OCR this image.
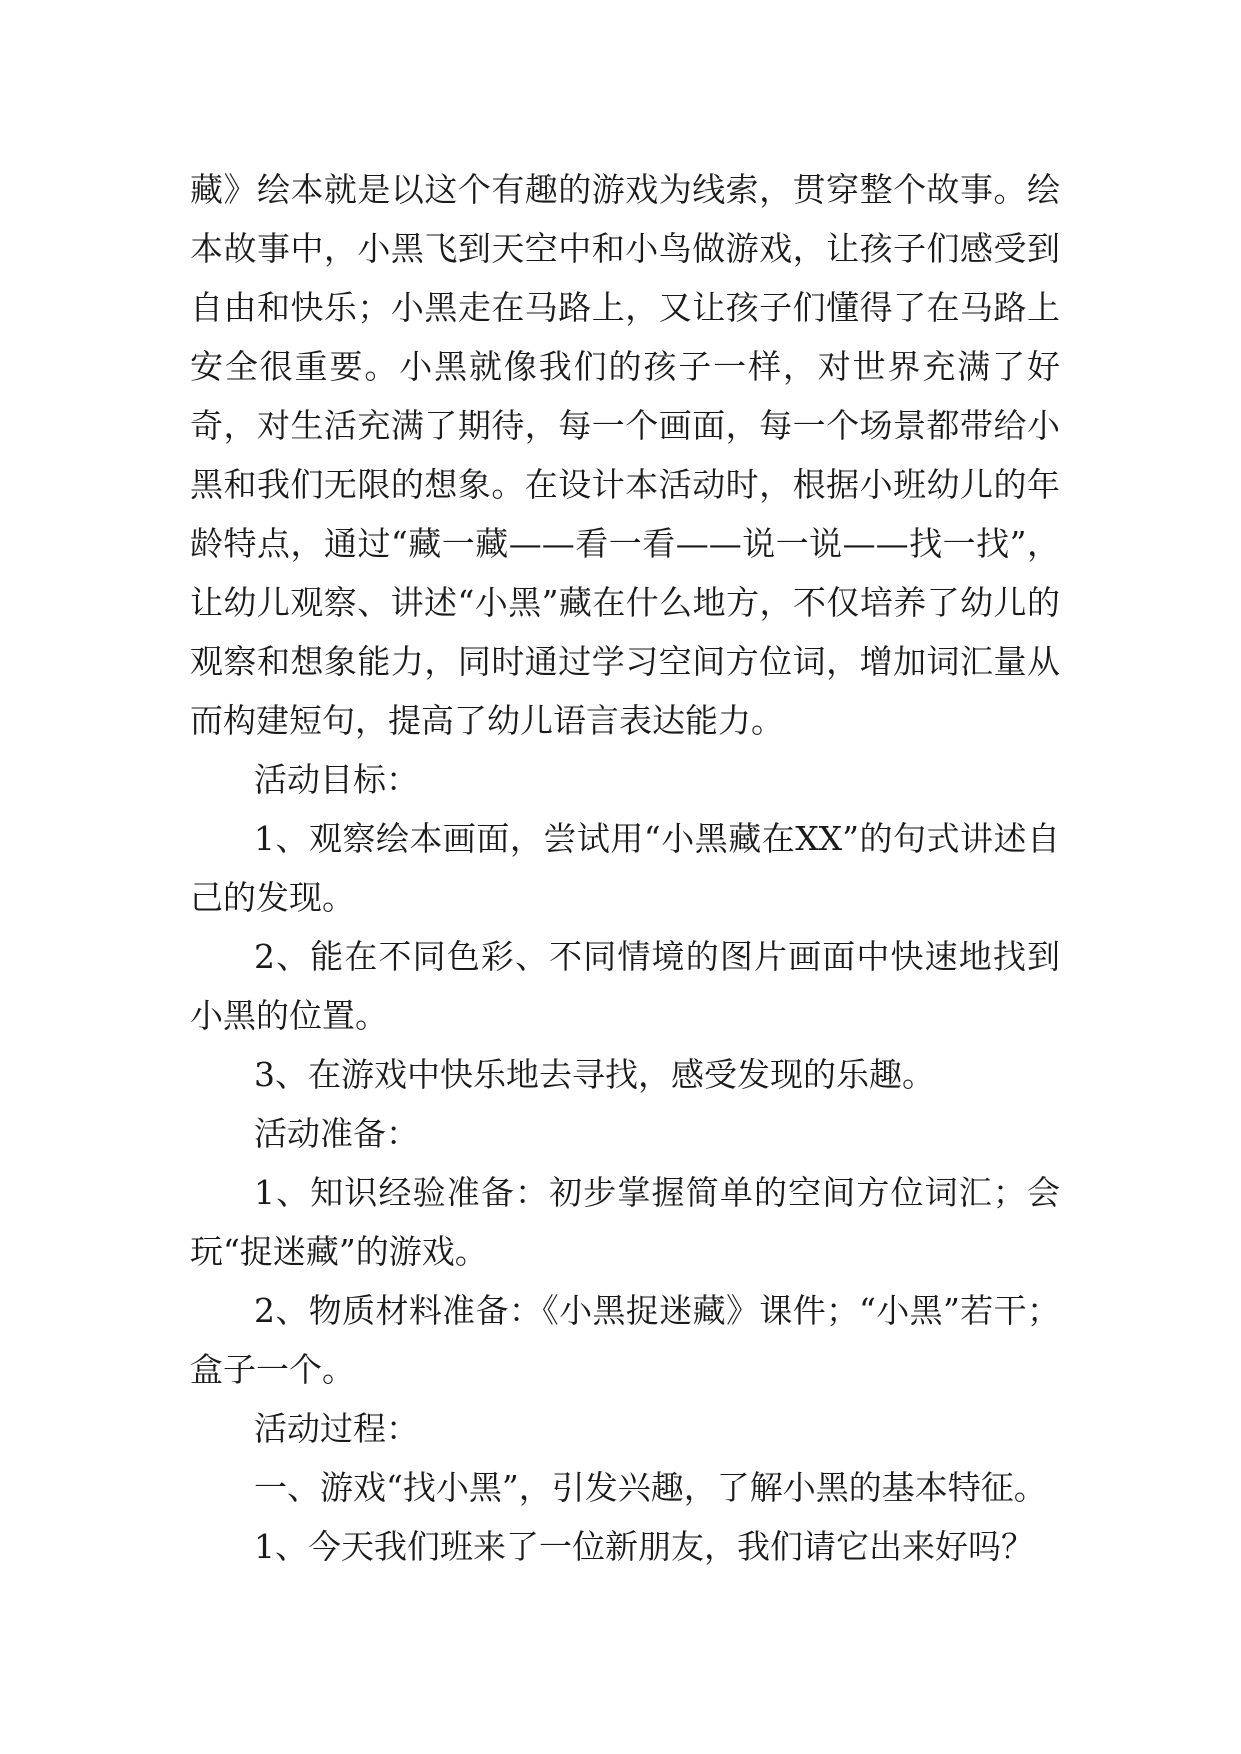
藏》绘本就是以这个有趣的游戏为线索，贯穿整个故事。绘本故事中，小黑飞到天空中和小鸟做游戏，让孩子们感受到自由和快乐；小黑走在马路上，又让孩子们懂得了在马路上安全很重要。小黑就像我们的孩子一样，对世界充满了好奇，对生活充满了期待，每一个画面，每一个场景都带给小黑和我们无限的想象。在设计本活动时，根据小班幼儿的年龄特点，通过“藏一藏——看一看——说一说——找一找”，让幼儿观察、讲述“小黑”藏在什么地方，不仅培养了幼儿的观察和想象能力，同时通过学习空间方位词，增加词汇量从而构建短句，提高了幼儿语言表达能力。

活动目标：

1、观察绘本画面，尝试用“小黑藏在XX”的句式讲述自己的发现。

2、能在不同色彩、不同情境的图片画面中快速地找到小黑的位置。

3、在游戏中快乐地去寻找，感受发现的乐趣。

活动准备：

1、知识经验准备：初步掌握简单的空间方位词汇；会玩“捉迷藏”的游戏。

2、物质材料准备：《小黑捉迷藏》课件；“小黑”若干；盒子一个。

活动过程：

一、游戏“找小黑”，引发兴趣，了解小黑的基本特征。

1、今天我们班来了一位新朋友，我们请它出来好吗？
